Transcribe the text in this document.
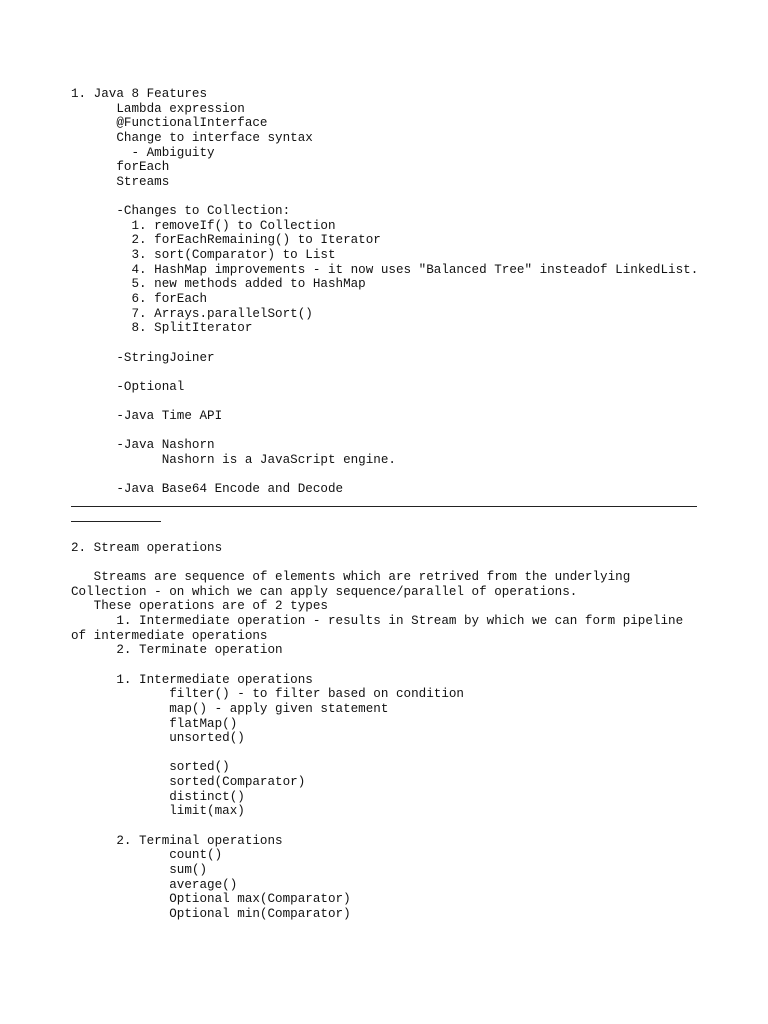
1. Java 8 Features
Lambda expression
@FunctionalInterface
Change to interface syntax
- Ambiguity
forEach
Streams
-Changes to Collection:
1. removeIf() to Collection
2. forEachRemaining() to Iterator
3. sort(Comparator) to List
4. HashMap improvements - it now uses "Balanced Tree" insteadof LinkedList.
5. new methods added to HashMap
6. forEach
7. Arrays.parallelSort()
8. SplitIterator
-StringJoiner
-Optional
-Java Time API
-Java Nashorn
Nashorn is a JavaScript engine.
-Java Base64 Encode and Decode
2. Stream operations
Streams are sequence of elements which are retrived from the underlying
Collection - on which we can apply sequence/parallel of operations.
These operations are of 2 types
1. Intermediate operation - results in Stream by which we can form pipeline
of intermediate operations
2. Terminate operation
1. Intermediate operations
filter() - to filter based on condition
map() - apply given statement
flatMap()
unsorted()
sorted()
sorted(Comparator)
distinct()
limit(max)
2. Terminal operations
count()
sum()
average()
Optional max(Comparator)
Optional min(Comparator)
